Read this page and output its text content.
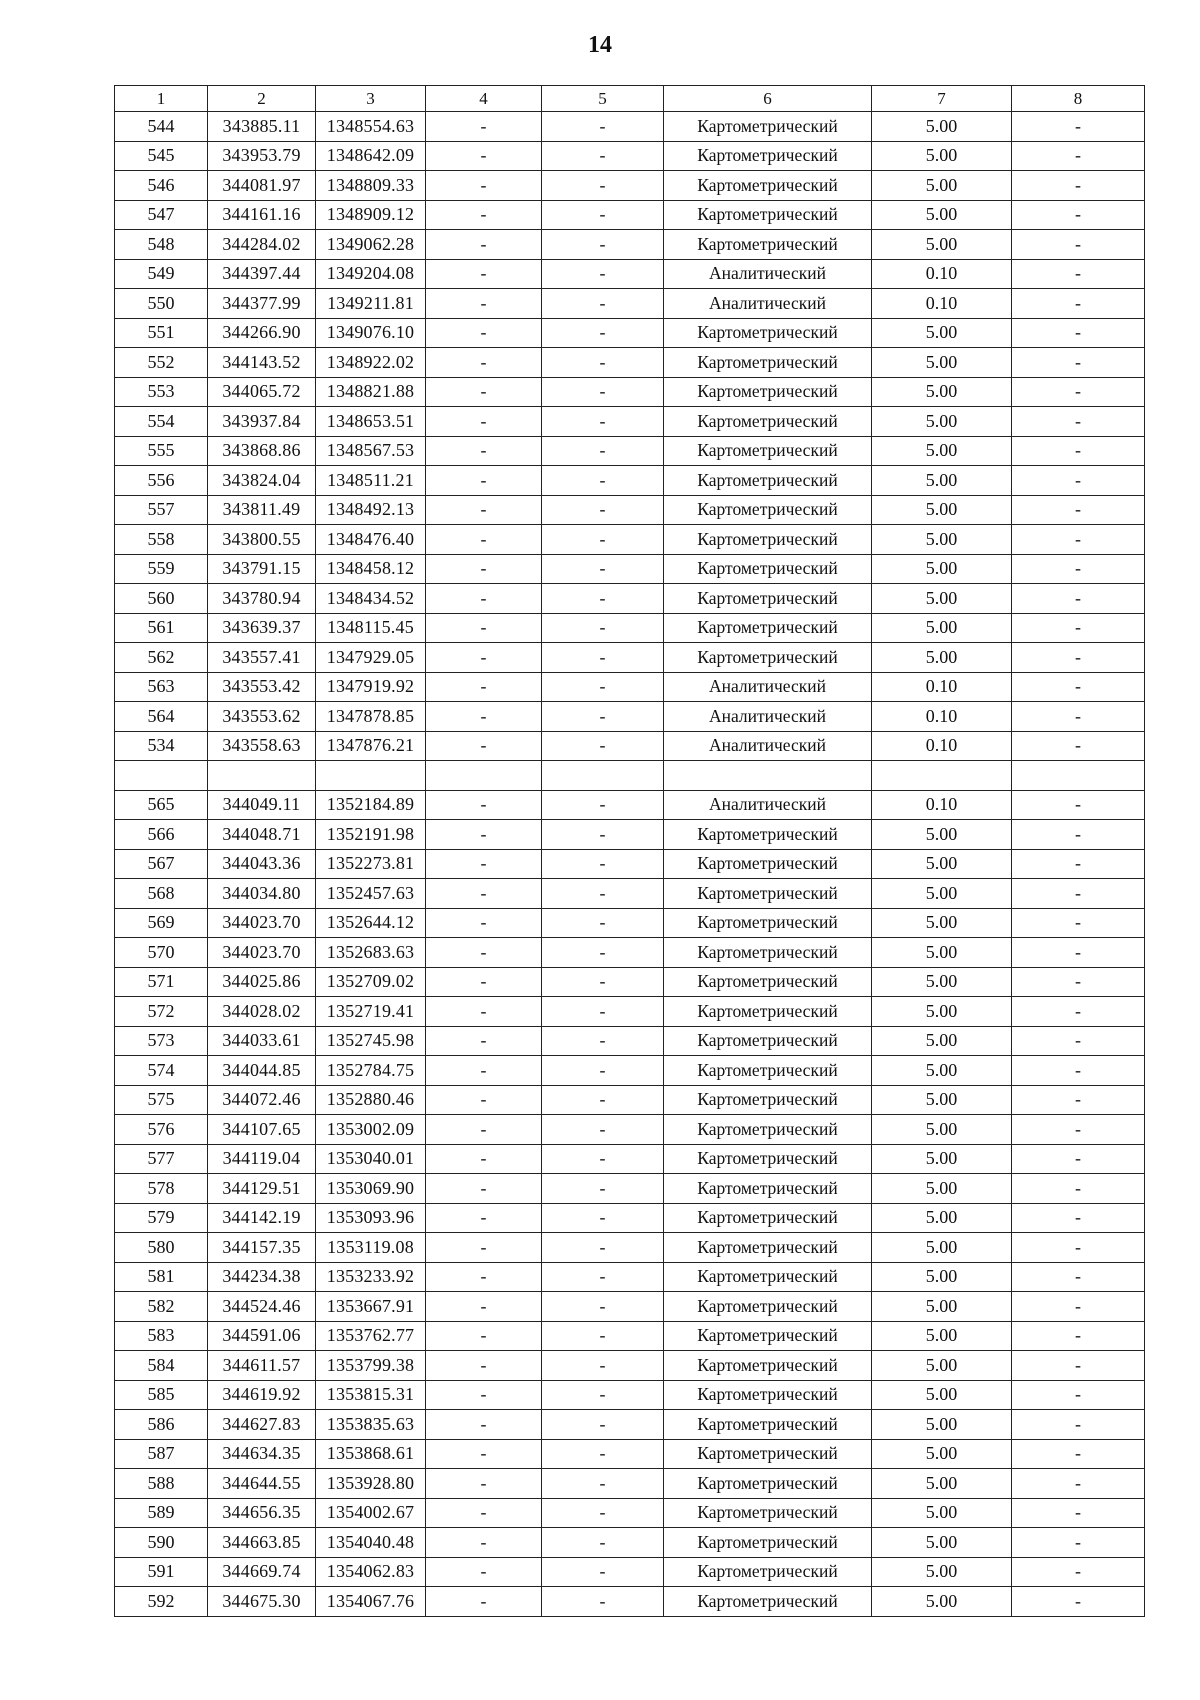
14
1	2	3	4	5	6	7	8
544	343885.11	1348554.63	-	-	Картометрический	5.00	-
545	343953.79	1348642.09	-	-	Картометрический	5.00	-
546	344081.97	1348809.33	-	-	Картометрический	5.00	-
547	344161.16	1348909.12	-	-	Картометрический	5.00	-
548	344284.02	1349062.28	-	-	Картометрический	5.00	-
549	344397.44	1349204.08	-	-	Аналитический	0.10	-
550	344377.99	1349211.81	-	-	Аналитический	0.10	-
551	344266.90	1349076.10	-	-	Картометрический	5.00	-
552	344143.52	1348922.02	-	-	Картометрический	5.00	-
553	344065.72	1348821.88	-	-	Картометрический	5.00	-
554	343937.84	1348653.51	-	-	Картометрический	5.00	-
555	343868.86	1348567.53	-	-	Картометрический	5.00	-
556	343824.04	1348511.21	-	-	Картометрический	5.00	-
557	343811.49	1348492.13	-	-	Картометрический	5.00	-
558	343800.55	1348476.40	-	-	Картометрический	5.00	-
559	343791.15	1348458.12	-	-	Картометрический	5.00	-
560	343780.94	1348434.52	-	-	Картометрический	5.00	-
561	343639.37	1348115.45	-	-	Картометрический	5.00	-
562	343557.41	1347929.05	-	-	Картометрический	5.00	-
563	343553.42	1347919.92	-	-	Аналитический	0.10	-
564	343553.62	1347878.85	-	-	Аналитический	0.10	-
534	343558.63	1347876.21	-	-	Аналитический	0.10	-

565	344049.11	1352184.89	-	-	Аналитический	0.10	-
566	344048.71	1352191.98	-	-	Картометрический	5.00	-
567	344043.36	1352273.81	-	-	Картометрический	5.00	-
568	344034.80	1352457.63	-	-	Картометрический	5.00	-
569	344023.70	1352644.12	-	-	Картометрический	5.00	-
570	344023.70	1352683.63	-	-	Картометрический	5.00	-
571	344025.86	1352709.02	-	-	Картометрический	5.00	-
572	344028.02	1352719.41	-	-	Картометрический	5.00	-
573	344033.61	1352745.98	-	-	Картометрический	5.00	-
574	344044.85	1352784.75	-	-	Картометрический	5.00	-
575	344072.46	1352880.46	-	-	Картометрический	5.00	-
576	344107.65	1353002.09	-	-	Картометрический	5.00	-
577	344119.04	1353040.01	-	-	Картометрический	5.00	-
578	344129.51	1353069.90	-	-	Картометрический	5.00	-
579	344142.19	1353093.96	-	-	Картометрический	5.00	-
580	344157.35	1353119.08	-	-	Картометрический	5.00	-
581	344234.38	1353233.92	-	-	Картометрический	5.00	-
582	344524.46	1353667.91	-	-	Картометрический	5.00	-
583	344591.06	1353762.77	-	-	Картометрический	5.00	-
584	344611.57	1353799.38	-	-	Картометрический	5.00	-
585	344619.92	1353815.31	-	-	Картометрический	5.00	-
586	344627.83	1353835.63	-	-	Картометрический	5.00	-
587	344634.35	1353868.61	-	-	Картометрический	5.00	-
588	344644.55	1353928.80	-	-	Картометрический	5.00	-
589	344656.35	1354002.67	-	-	Картометрический	5.00	-
590	344663.85	1354040.48	-	-	Картометрический	5.00	-
591	344669.74	1354062.83	-	-	Картометрический	5.00	-
592	344675.30	1354067.76	-	-	Картометрический	5.00	-
